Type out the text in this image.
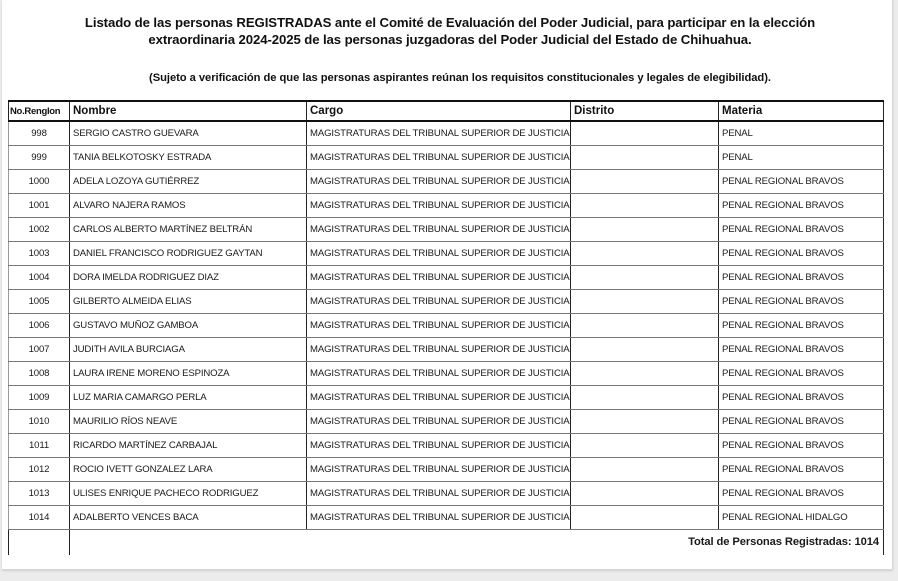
Listado de las personas REGISTRADAS ante el Comité de Evaluación del Poder Judicial, para participar en la elección
extraordinaria 2024-2025 de las personas juzgadoras del Poder Judicial del Estado de Chihuahua.
(Sujeto a verificación de que las personas aspirantes reúnan los requisitos constitucionales y legales de elegibilidad).
No.Renglon	Nombre	Cargo	Distrito	Materia
998	SERGIO CASTRO GUEVARA	MAGISTRATURAS DEL TRIBUNAL SUPERIOR DE JUSTICIA		PENAL
999	TANIA BELKOTOSKY ESTRADA	MAGISTRATURAS DEL TRIBUNAL SUPERIOR DE JUSTICIA		PENAL
1000	ADELA LOZOYA GUTIÉRREZ	MAGISTRATURAS DEL TRIBUNAL SUPERIOR DE JUSTICIA		PENAL REGIONAL BRAVOS
1001	ALVARO NAJERA RAMOS	MAGISTRATURAS DEL TRIBUNAL SUPERIOR DE JUSTICIA		PENAL REGIONAL BRAVOS
1002	CARLOS ALBERTO MARTÍNEZ BELTRÁN	MAGISTRATURAS DEL TRIBUNAL SUPERIOR DE JUSTICIA		PENAL REGIONAL BRAVOS
1003	DANIEL FRANCISCO RODRIGUEZ GAYTAN	MAGISTRATURAS DEL TRIBUNAL SUPERIOR DE JUSTICIA		PENAL REGIONAL BRAVOS
1004	DORA IMELDA RODRIGUEZ DIAZ	MAGISTRATURAS DEL TRIBUNAL SUPERIOR DE JUSTICIA		PENAL REGIONAL BRAVOS
1005	GILBERTO ALMEIDA ELIAS	MAGISTRATURAS DEL TRIBUNAL SUPERIOR DE JUSTICIA		PENAL REGIONAL BRAVOS
1006	GUSTAVO MUÑOZ GAMBOA	MAGISTRATURAS DEL TRIBUNAL SUPERIOR DE JUSTICIA		PENAL REGIONAL BRAVOS
1007	JUDITH AVILA BURCIAGA	MAGISTRATURAS DEL TRIBUNAL SUPERIOR DE JUSTICIA		PENAL REGIONAL BRAVOS
1008	LAURA IRENE MORENO ESPINOZA	MAGISTRATURAS DEL TRIBUNAL SUPERIOR DE JUSTICIA		PENAL REGIONAL BRAVOS
1009	LUZ MARIA CAMARGO PERLA	MAGISTRATURAS DEL TRIBUNAL SUPERIOR DE JUSTICIA		PENAL REGIONAL BRAVOS
1010	MAURILIO RÍOS NEAVE	MAGISTRATURAS DEL TRIBUNAL SUPERIOR DE JUSTICIA		PENAL REGIONAL BRAVOS
1011	RICARDO MARTÍNEZ CARBAJAL	MAGISTRATURAS DEL TRIBUNAL SUPERIOR DE JUSTICIA		PENAL REGIONAL BRAVOS
1012	ROCIO IVETT GONZALEZ LARA	MAGISTRATURAS DEL TRIBUNAL SUPERIOR DE JUSTICIA		PENAL REGIONAL BRAVOS
1013	ULISES ENRIQUE PACHECO RODRIGUEZ	MAGISTRATURAS DEL TRIBUNAL SUPERIOR DE JUSTICIA		PENAL REGIONAL BRAVOS
1014	ADALBERTO VENCES BACA	MAGISTRATURAS DEL TRIBUNAL SUPERIOR DE JUSTICIA		PENAL REGIONAL HIDALGO
	Total de Personas Registradas: 1014			
